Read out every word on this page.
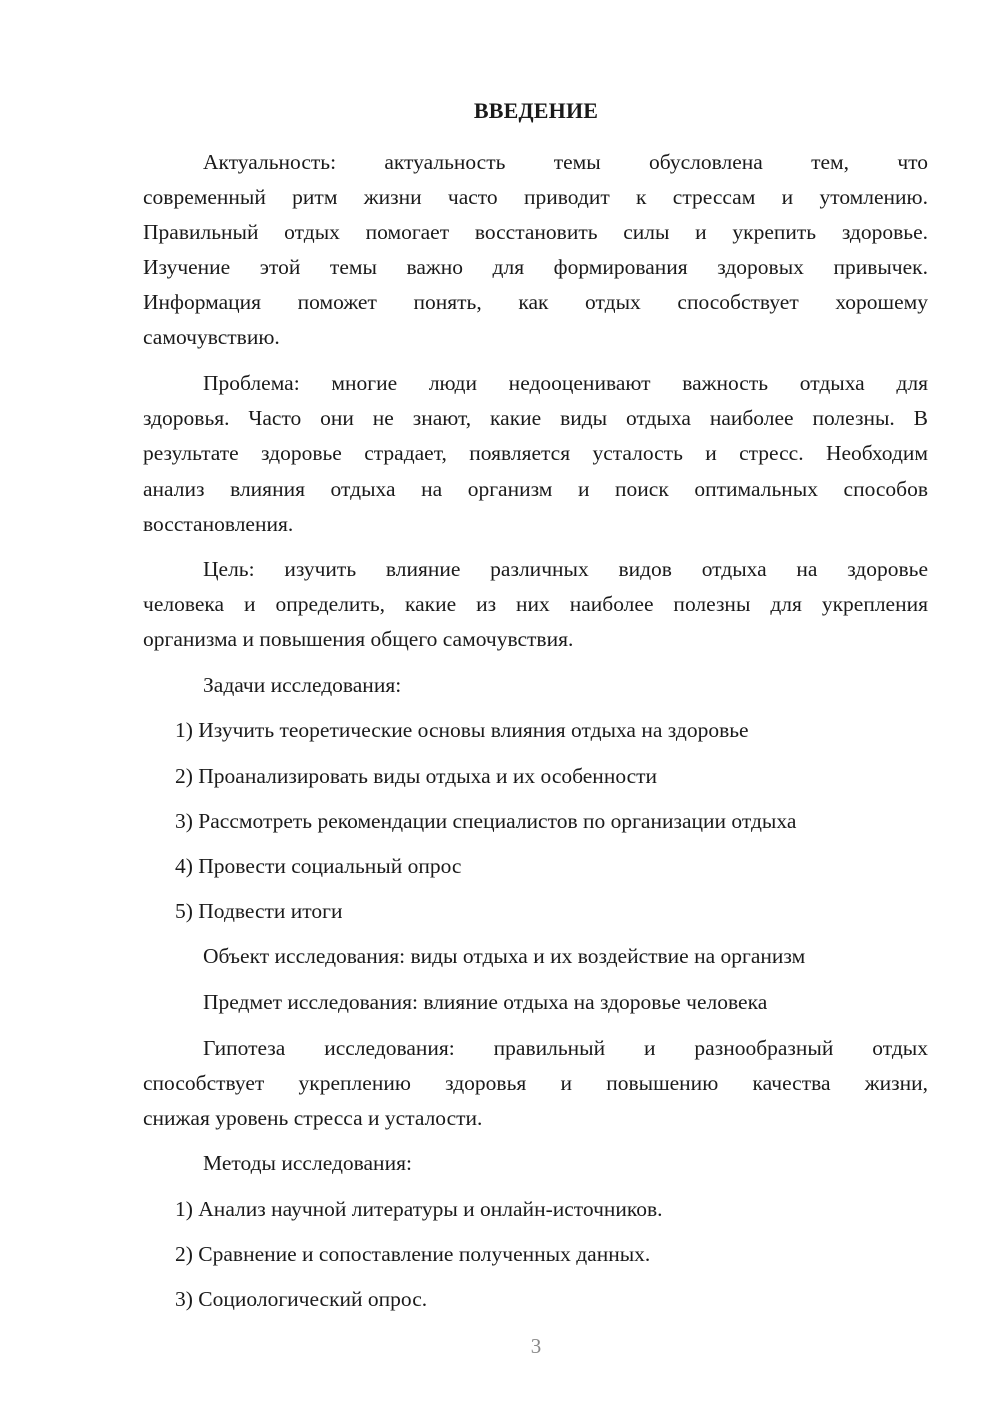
ВВЕДЕНИЕ
Актуальность: актуальность темы обусловлена тем, что
современный ритм жизни часто приводит к стрессам и утомлению.
Правильный отдых помогает восстановить силы и укрепить здоровье.
Изучение этой темы важно для формирования здоровых привычек.
Информация поможет понять, как отдых способствует хорошему
самочувствию.
Проблема: многие люди недооценивают важность отдыха для
здоровья. Часто они не знают, какие виды отдыха наиболее полезны. В
результате здоровье страдает, появляется усталость и стресс. Необходим
анализ влияния отдыха на организм и поиск оптимальных способов
восстановления.
Цель: изучить влияние различных видов отдыха на здоровье
человека и определить, какие из них наиболее полезны для укрепления
организма и повышения общего самочувствия.
Задачи исследования:
1) Изучить теоретические основы влияния отдыха на здоровье
2) Проанализировать виды отдыха и их особенности
3) Рассмотреть рекомендации специалистов по организации отдыха
4) Провести социальный опрос
5) Подвести итоги
Объект исследования: виды отдыха и их воздействие на организм
Предмет исследования: влияние отдыха на здоровье человека
Гипотеза исследования: правильный и разнообразный отдых
способствует укреплению здоровья и повышению качества жизни,
снижая уровень стресса и усталости.
Методы исследования:
1) Анализ научной литературы и онлайн-источников.
2) Сравнение и сопоставление полученных данных.
3) Социологический опрос.
3
